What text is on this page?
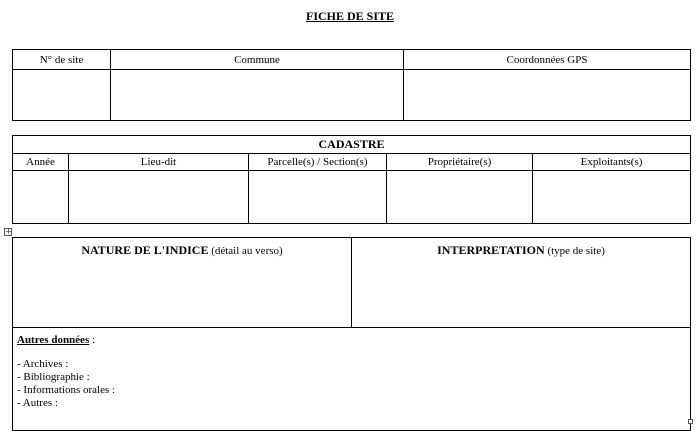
FICHE DE SITE
N° de site	Commune	Coordonnées GPS

CADASTRE				
Année	Lieu-dit	Parcelle(s) / Section(s)	Propriétaire(s)	Exploitants(s)

+
NATURE DE L'INDICE (détail au verso)	INTERPRETATION (type de site)

Autres données :
- Archives :
- Bibliographie :
- Informations orales :
- Autres :
